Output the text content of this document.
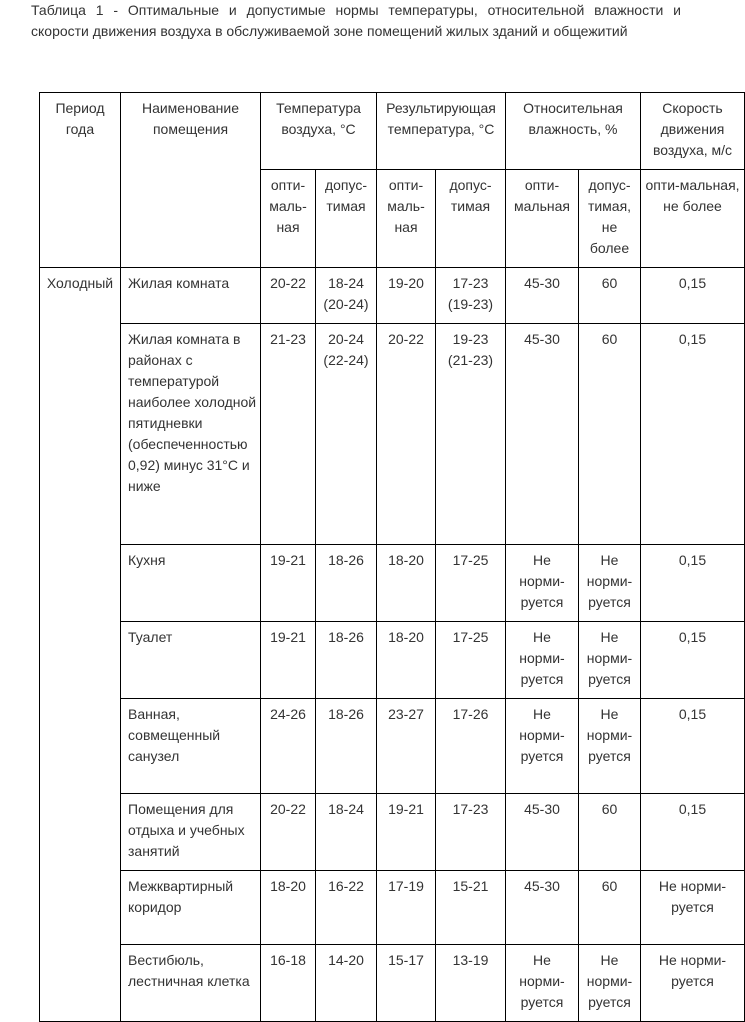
Таблица 1 - Оптимальные и допустимые нормы температуры, относительной влажности и скорости движения воздуха в обслуживаемой зоне помещений жилых зданий и общежитий
Период года	Наименование помещения	Температура воздуха, °С		Результирующая температура, °С		Относительная влажность, %		Скорость движения воздуха, м/с
		опти-маль-ная	допус-тимая	опти-маль-ная	допус-тимая	опти-мальная	допус-тимая, не более	опти-мальная, не более
Холодный	Жилая комната	20-22	18-24 (20-24)	19-20	17-23 (19-23)	45-30	60	0,15
	Жилая комната в районах с температурой наиболее холодной пятидневки (обеспеченностью 0,92) минус 31°С и ниже	21-23	20-24 (22-24)	20-22	19-23 (21-23)	45-30	60	0,15
	Кухня	19-21	18-26	18-20	17-25	Не норми-руется	Не норми-руется	0,15
	Туалет	19-21	18-26	18-20	17-25	Не норми-руется	Не норми-руется	0,15
	Ванная, совмещенный санузел	24-26	18-26	23-27	17-26	Не норми-руется	Не норми-руется	0,15
	Помещения для отдыха и учебных занятий	20-22	18-24	19-21	17-23	45-30	60	0,15
	Межквартирный коридор	18-20	16-22	17-19	15-21	45-30	60	Не норми-руется
	Вестибюль, лестничная клетка	16-18	14-20	15-17	13-19	Не норми-руется	Не норми-руется	Не норми-руется
